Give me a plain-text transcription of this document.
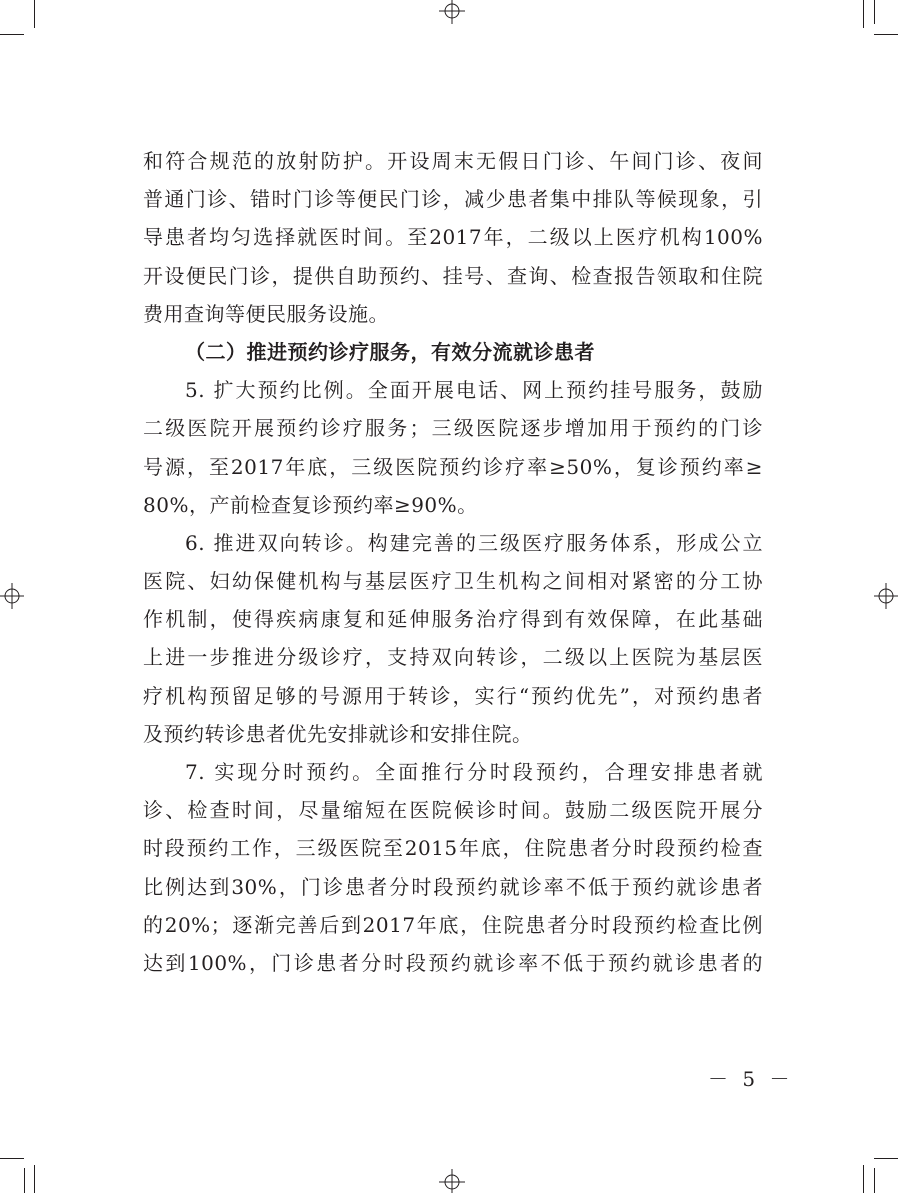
和符合规范的放射防护。开设周末无假日门诊、午间门诊、夜间
普通门诊、错时门诊等便民门诊，减少患者集中排队等候现象，引
导患者均匀选择就医时间。至2017年，二级以上医疗机构100%
开设便民门诊，提供自助预约、挂号、查询、检查报告领取和住院
费用查询等便民服务设施。
（二）推进预约诊疗服务，有效分流就诊患者
5. 扩大预约比例。全面开展电话、网上预约挂号服务，鼓励
二级医院开展预约诊疗服务；三级医院逐步增加用于预约的门诊
号源，至2017年底，三级医院预约诊疗率≥50%，复诊预约率≥
80%，产前检查复诊预约率≥90%。
6. 推进双向转诊。构建完善的三级医疗服务体系，形成公立
医院、妇幼保健机构与基层医疗卫生机构之间相对紧密的分工协
作机制，使得疾病康复和延伸服务治疗得到有效保障，在此基础
上进一步推进分级诊疗，支持双向转诊，二级以上医院为基层医
疗机构预留足够的号源用于转诊，实行“预约优先”，对预约患者
及预约转诊患者优先安排就诊和安排住院。
7. 实现分时预约。全面推行分时段预约，合理安排患者就
诊、检查时间，尽量缩短在医院候诊时间。鼓励二级医院开展分
时段预约工作，三级医院至2015年底，住院患者分时段预约检查
比例达到30%，门诊患者分时段预约就诊率不低于预约就诊患者
的20%；逐渐完善后到2017年底，住院患者分时段预约检查比例
达到100%，门诊患者分时段预约就诊率不低于预约就诊患者的
－ 5 －
